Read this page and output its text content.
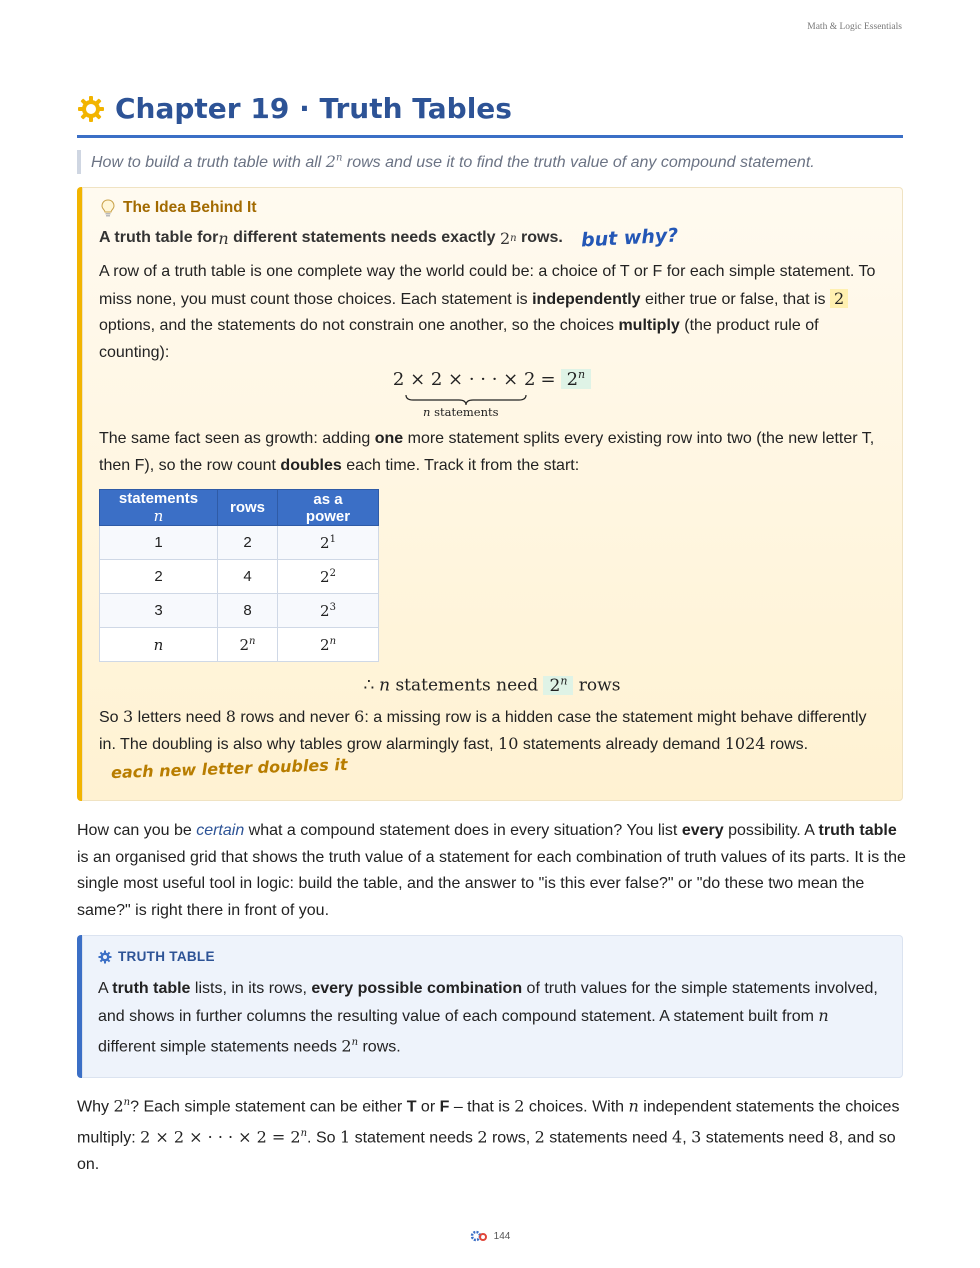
Math & Logic Essentials
Chapter 19 · Truth Tables
How to build a truth table with all 2$^n$ rows and use it to find the truth value of any compound statement.
The Idea Behind It
A truth table for n
different statements needs exactly
2 n
rows. but why?
A row of a truth table is one complete way the world could be: a choice of T or F for each simple statement. To miss none, you must count those choices. Each statement is independently either true or false, that is 2 options, and the statements do not constrain one another, so the choices multiply (the product rule of counting):
2 × 2 × · · · × $2 = 2^n$
n statements
The same fact seen as growth: adding one more statement splits every existing row into two (the new letter T, then F), so the row count doubles each time. Track it from the start:
statements n	rows	as a power
1	2	$2^1$
2	4	$2^2$
3	8	$2^3$
n	2$^n$	2$^n$
∴ n statements need 2$^n$ rows
So 3 letters need 8 rows and never 6: a missing row is a hidden case the statement might behave differently in. The doubling is also why tables grow alarmingly fast, 10 statements already demand 1024 rows.
each new letter doubles it
How can you be certain what a compound statement does in every situation? You list every possibility. A truth table is an organised grid that shows the truth value of a statement for each combination of truth values of its parts. It is the single most useful tool in logic: build the table, and the answer to "is this ever false?" or "do these two mean the same?" is right there in front of you.
TRUTH TABLE
A truth table lists, in its rows, every possible combination of truth values for the simple statements involved, and shows in further columns the resulting value of each compound statement. A statement built from n different simple statements needs 2$^n$ rows.
Why 2$^n$? Each simple statement can be either T or F – that is 2 choices. With n independent statements the choices multiply: 2 × 2 × · · · × $2 = 2^n$. So 1 statement needs 2 rows, 2 statements need 4, 3 statements need 8, and so on.
144
